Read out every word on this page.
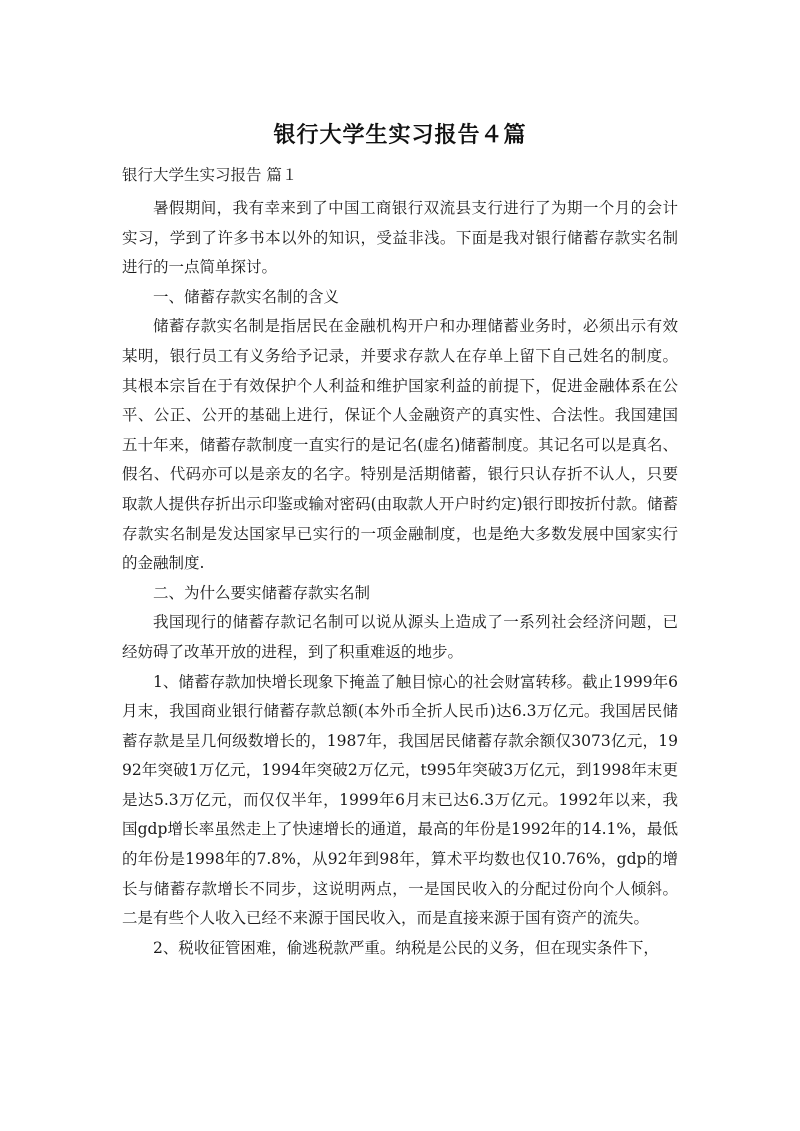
银行大学生实习报告４篇
银行大学生实习报告 篇１

暑假期间，我有幸来到了中国工商银行双流县支行进行了为期一个月的会计实习，学到了许多书本以外的知识，受益非浅。下面是我对银行储蓄存款实名制进行的一点简单探讨。

一、储蓄存款实名制的含义

储蓄存款实名制是指居民在金融机构开户和办理储蓄业务时，必须出示有效某明，银行员工有义务给予记录，并要求存款人在存单上留下自己姓名的制度。其根本宗旨在于有效保护个人利益和维护国家利益的前提下，促进金融体系在公平、公正、公开的基础上进行，保证个人金融资产的真实性、合法性。我国建国五十年来，储蓄存款制度一直实行的是记名(虚名)储蓄制度。其记名可以是真名、假名、代码亦可以是亲友的名字。特别是活期储蓄，银行只认存折不认人，只要取款人提供存折出示印鉴或输对密码(由取款人开户时约定)银行即按折付款。储蓄存款实名制是发达国家早已实行的一项金融制度，也是绝大多数发展中国家实行的金融制度.

二、为什么要实储蓄存款实名制

我国现行的储蓄存款记名制可以说从源头上造成了一系列社会经济问题，已经妨碍了改革开放的进程，到了积重难返的地步。

1、储蓄存款加快增长现象下掩盖了触目惊心的社会财富转移。截止1999年6月末，我国商业银行储蓄存款总额(本外币全折人民币)达6.3万亿元。我国居民储蓄存款是呈几何级数增长的，1987年，我国居民储蓄存款余额仅3073亿元，1992年突破1万亿元，1994年突破2万亿元，t995年突破3万亿元，到1998年末更是达5.3万亿元，而仅仅半年，1999年6月末已达6.3万亿元。1992年以来，我国gdp增长率虽然走上了快速增长的通道，最高的年份是1992年的14.1%，最低的年份是1998年的7.8%，从92年到98年，算术平均数也仅10.76%，gdp的增长与储蓄存款增长不同步，这说明两点，一是国民收入的分配过份向个人倾斜。二是有些个人收入已经不来源于国民收入，而是直接来源于国有资产的流失。

2、税收征管困难，偷逃税款严重。纳税是公民的义务，但在现实条件下，
